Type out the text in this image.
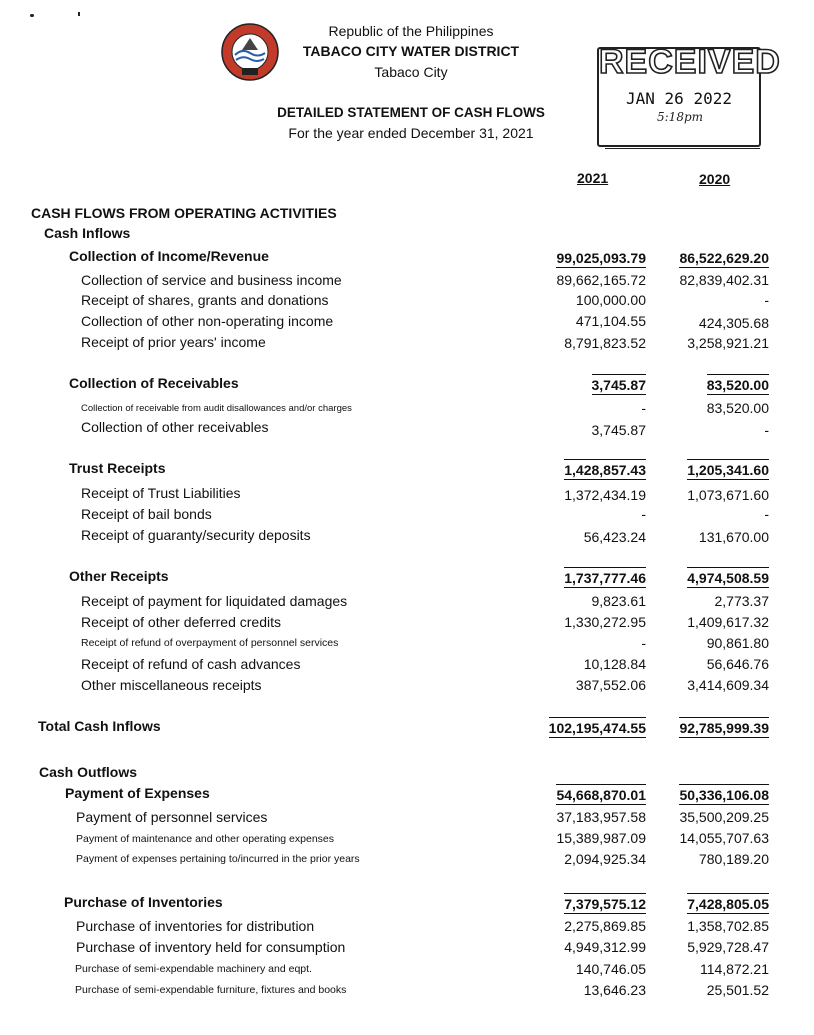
Republic of the Philippines
TABACO CITY WATER DISTRICT
Tabaco City
DETAILED STATEMENT OF CASH FLOWS
For the year ended December 31, 2021
RECEIVED
JAN 26 2022
5:18pm
2021	2020
CASH FLOWS FROM OPERATING ACTIVITIES
Cash Inflows
Collection of Income/Revenue	99,025,093.79 86,522,629.20
Collection of service and business income	89,662,165.72 82,839,402.31
Receipt of shares, grants and donations	100,000.00	-
Collection of other non-operating income	471,104.55	424,305.68
Receipt of prior years' income	8,791,823.52	3,258,921.21
Collection of Receivables	3,745.87	83,520.00
Collection of receivable from audit disallowances and/or charges	-	83,520.00
Collection of other receivables	3,745.87	-
Trust Receipts	1,428,857.43	1,205,341.60
Receipt of Trust Liabilities	1,372,434.19	1,073,671.60
Receipt of bail bonds	-	-
Receipt of guaranty/security deposits	56,423.24	131,670.00
Other Receipts	1,737,777.46	4,974,508.59
Receipt of payment for liquidated damages	9,823.61	2,773.37
Receipt of other deferred credits	1,330,272.95	1,409,617.32
Receipt of refund of overpayment of personnel services	-	90,861.80
Receipt of refund of cash advances	10,128.84	56,646.76
Other miscellaneous receipts	387,552.06	3,414,609.34
Total Cash Inflows	102,195,474.55 92,785,999.39
Cash Outflows
Payment of Expenses	54,668,870.01 50,336,106.08
Payment of personnel services	37,183,957.58 35,500,209.25
Payment of maintenance and other operating expenses	15,389,987.09 14,055,707.63
Payment of expenses pertaining to/incurred in the prior years	2,094,925.34	780,189.20
Purchase of Inventories	7,379,575.12	7,428,805.05
Purchase of inventories for distribution	2,275,869.85	1,358,702.85
Purchase of inventory held for consumption	4,949,312.99	5,929,728.47
Purchase of semi-expendable machinery and eqpt.	140,746.05	114,872.21
Purchase of semi-expendable furniture, fixtures and books	13,646.23	25,501.52
